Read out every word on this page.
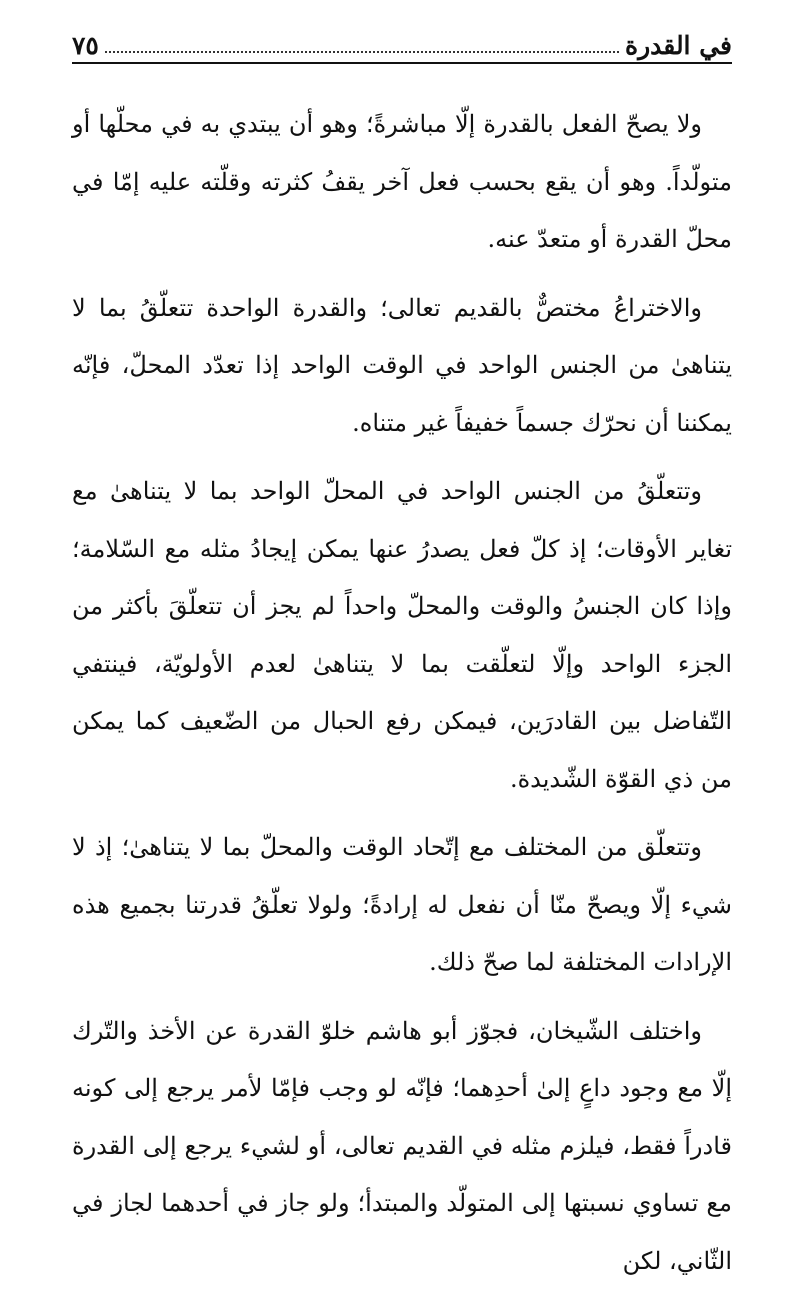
في القدرة
٧٥

ولا يصحّ الفعل بالقدرة إلّا مباشرةً؛ وهو أن يبتدي به في محلّها أو متولّداً. وهو أن يقع بحسب فعل آخر يقفُ كثرته وقلّته عليه إمّا في محلّ القدرة أو متعدّ عنه.

والاختراعُ مختصٌّ بالقديم تعالى؛ والقدرة الواحدة تتعلّقُ بما لا يتناهىٰ من الجنس الواحد في الوقت الواحد إذا تعدّد المحلّ، فإنّه يمكننا أن نحرّك جسماً خفيفاً غير متناه.

وتتعلّقُ من الجنس الواحد في المحلّ الواحد بما لا يتناهىٰ مع تغاير الأوقات؛ إذ كلّ فعل يصدرُ عنها يمكن إيجادُ مثله مع السّلامة؛ وإذا كان الجنسُ والوقت والمحلّ واحداً لم يجز أن تتعلّقَ بأكثر من الجزء الواحد وإلّا لتعلّقت بما لا يتناهىٰ لعدم الأولويّة، فينتفي التّفاضل بين القادرَين، فيمكن رفع الحبال من الضّعيف كما يمكن من ذي القوّة الشّديدة.

وتتعلّق من المختلف مع إتّحاد الوقت والمحلّ بما لا يتناهىٰ؛ إذ لا شيء إلّا ويصحّ منّا أن نفعل له إرادةً؛ ولولا تعلّقُ قدرتنا بجميع هذه الإرادات المختلفة لما صحّ ذلك.

واختلف الشّيخان، فجوّز أبو هاشم خلوّ القدرة عن الأخذ والتّرك إلّا مع وجود داعٍ إلىٰ أحدِهما؛ فإنّه لو وجب فإمّا لأمر يرجع إلى كونه قادراً فقط، فيلزم مثله في القديم تعالى، أو لشيء يرجع إلى القدرة مع تساوي نسبتها إلى المتولّد والمبتدأ؛ ولو جاز في أحدهما لجاز في الثّاني، لكن
